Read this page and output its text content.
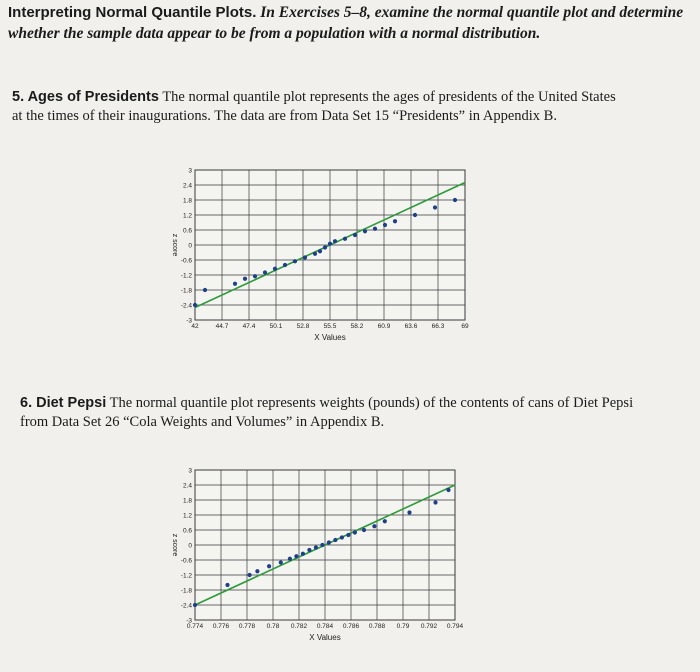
Interpreting Normal Quantile Plots. In Exercises 5–8, examine the normal quantile plot and determine whether the sample data appear to be from a population with a normal distribution.
5. Ages of Presidents The normal quantile plot represents the ages of presidents of the United States at the times of their inaugurations. The data are from Data Set 15 “Presidents” in Appendix B.
42	44.7 47.4 50.1 52.8 55.5 58.2 60.9 63.6 66.3	69
3
2.4
1.8
1.2
0.6
0
-0.6
-1.2
-1.8
-2.4
-3
X Values
z score
6. Diet Pepsi The normal quantile plot represents weights (pounds) of the contents of cans of Diet Pepsi from Data Set 26 “Cola Weights and Volumes” in Appendix B.
0.774 0.776 0.778 0.78 0.782 0.784 0.786 0.788 0.79 0.792 0.794
3
2.4
1.8
1.2
0.6
0
-0.6
-1.2
-1.8
-2.4
-3
X Values
z score
